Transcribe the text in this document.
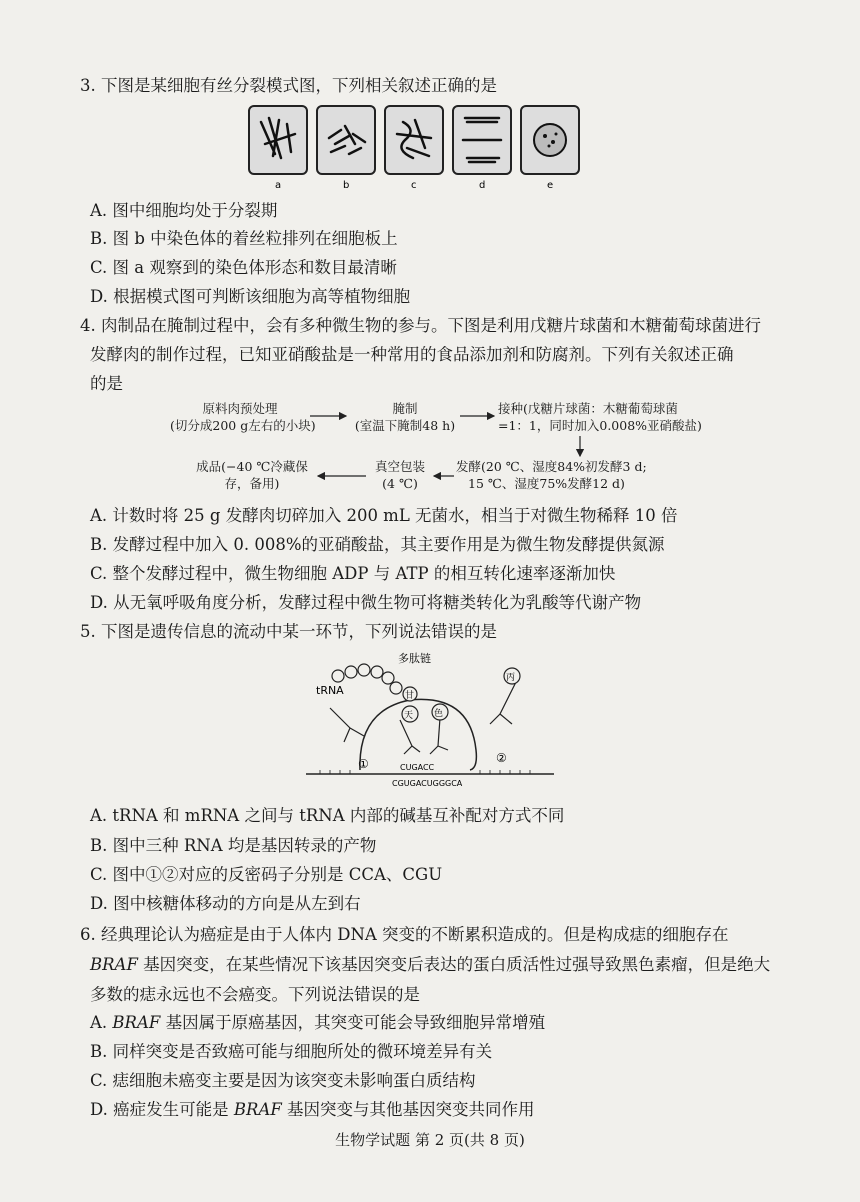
3. 下图是某细胞有丝分裂模式图，下列相关叙述正确的是
a	b	c	d	e
A. 图中细胞均处于分裂期
B. 图 b 中染色体的着丝粒排列在细胞板上
C. 图 a 观察到的染色体形态和数目最清晰
D. 根据模式图可判断该细胞为高等植物细胞
4. 肉制品在腌制过程中，会有多种微生物的参与。下图是利用戊糖片球菌和木糖葡萄球菌进行
发酵肉的制作过程，已知亚硝酸盐是一种常用的食品添加剂和防腐剂。下列有关叙述正确
的是
原料肉预处理
(切分成200 g左右的小块)
腌制
(室温下腌制48 h)
接种(戊糖片球菌：木糖葡萄球菌
=1：1，同时加入0.008%亚硝酸盐)
发酵(20 ℃、湿度84%初发酵3 d;
15 ℃、湿度75%发酵12 d)
真空包装
(4 ℃)
成品(−40 ℃冷藏保
存，备用)
A. 计数时将 25 g 发酵肉切碎加入 200 mL 无菌水，相当于对微生物稀释 10 倍
B. 发酵过程中加入 0. 008%的亚硝酸盐，其主要作用是为微生物发酵提供氮源
C. 整个发酵过程中，微生物细胞 ADP 与 ATP 的相互转化速率逐渐加快
D. 从无氧呼吸角度分析，发酵过程中微生物可将糖类转化为乳酸等代谢产物
5. 下图是遗传信息的流动中某一环节，下列说法错误的是
多肽链
tRNA	甘
天 色
丙
①	②
CUGACC
CGUGACUGGGCA
A. tRNA 和 mRNA 之间与 tRNA 内部的碱基互补配对方式不同
B. 图中三种 RNA 均是基因转录的产物
C. 图中①②对应的反密码子分别是 CCA、CGU
D. 图中核糖体移动的方向是从左到右
6. 经典理论认为癌症是由于人体内 DNA 突变的不断累积造成的。但是构成痣的细胞存在
BRAF 基因突变，在某些情况下该基因突变后表达的蛋白质活性过强导致黑色素瘤，但是绝大
多数的痣永远也不会癌变。下列说法错误的是
A. BRAF 基因属于原癌基因，其突变可能会导致细胞异常增殖
B. 同样突变是否致癌可能与细胞所处的微环境差异有关
C. 痣细胞未癌变主要是因为该突变未影响蛋白质结构
D. 癌症发生可能是 BRAF 基因突变与其他基因突变共同作用
生物学试题 第 2 页(共 8 页)
